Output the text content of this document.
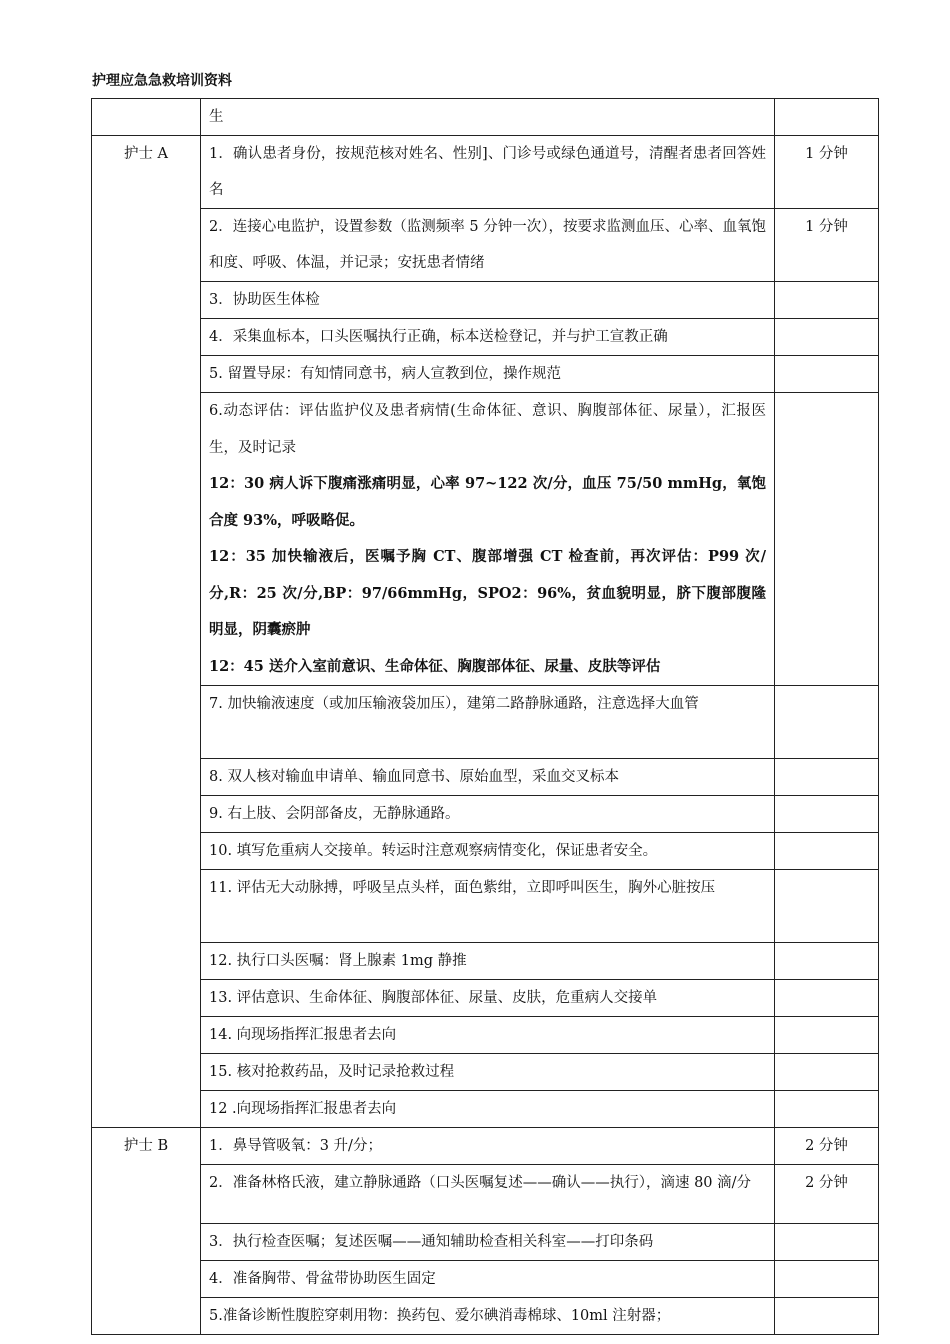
护理应急急救培训资料
	生	
护士 A	1．确认患者身份，按规范核对姓名、性别]、门诊号或绿色通道号，清醒者患者回答姓名	1 分钟
	2．连接心电监护，设置参数（监测频率 5 分钟一次），按要求监测血压、心率、血氧饱和度、呼吸、体温，并记录；安抚患者情绪	1 分钟
	3．协助医生体检	
	4．采集血标本，口头医嘱执行正确，标本送检登记，并与护工宣教正确	
	5. 留置导尿：有知情同意书，病人宣教到位，操作规范	

	6.动态评估：评估监护仪及患者病情(生命体征、意识、胸腹部体征、尿量），汇报医生，及时记录
12：30 病人诉下腹痛涨痛明显，心率 97~122 次/分，血压 75/50 mmHg，氧饱合度 93%，呼吸略促。
12：35 加快输液后，医嘱予胸 CT、腹部增强 CT 检查前，再次评估：P99 次/分,R：25 次/分,BP：97/66mmHg，SPO2：96%，贫血貌明显，脐下腹部腹隆明显，阴囊瘀肿
12：45 送介入室前意识、生命体征、胸腹部体征、尿量、皮肤等评估	

	7. 加快输液速度（或加压输液袋加压），建第二路静脉通路，注意选择大血管	
	8. 双人核对输血申请单、输血同意书、原始血型，采血交叉标本	
	9. 右上肢、会阴部备皮，无静脉通路。	
	10. 填写危重病人交接单。转运时注意观察病情变化，保证患者安全。	
	11. 评估无大动脉搏，呼吸呈点头样，面色紫绀，立即呼叫医生，胸外心脏按压	
	12. 执行口头医嘱：肾上腺素 1mg 静推	
	13. 评估意识、生命体征、胸腹部体征、尿量、皮肤，危重病人交接单	
	14. 向现场指挥汇报患者去向	
	15. 核对抢救药品，及时记录抢救过程	
	12 .向现场指挥汇报患者去向	
护士 B	1．鼻导管吸氧：3 升/分；	2 分钟
	2．准备林格氏液，建立静脉通路（口头医嘱复述——确认——执行），滴速 80 滴/分	2 分钟
	3．执行检查医嘱；复述医嘱——通知辅助检查相关科室——打印条码	
	4．准备胸带、骨盆带协助医生固定	
	5.准备诊断性腹腔穿刺用物：换药包、爱尔碘消毒棉球、10ml 注射器；	
